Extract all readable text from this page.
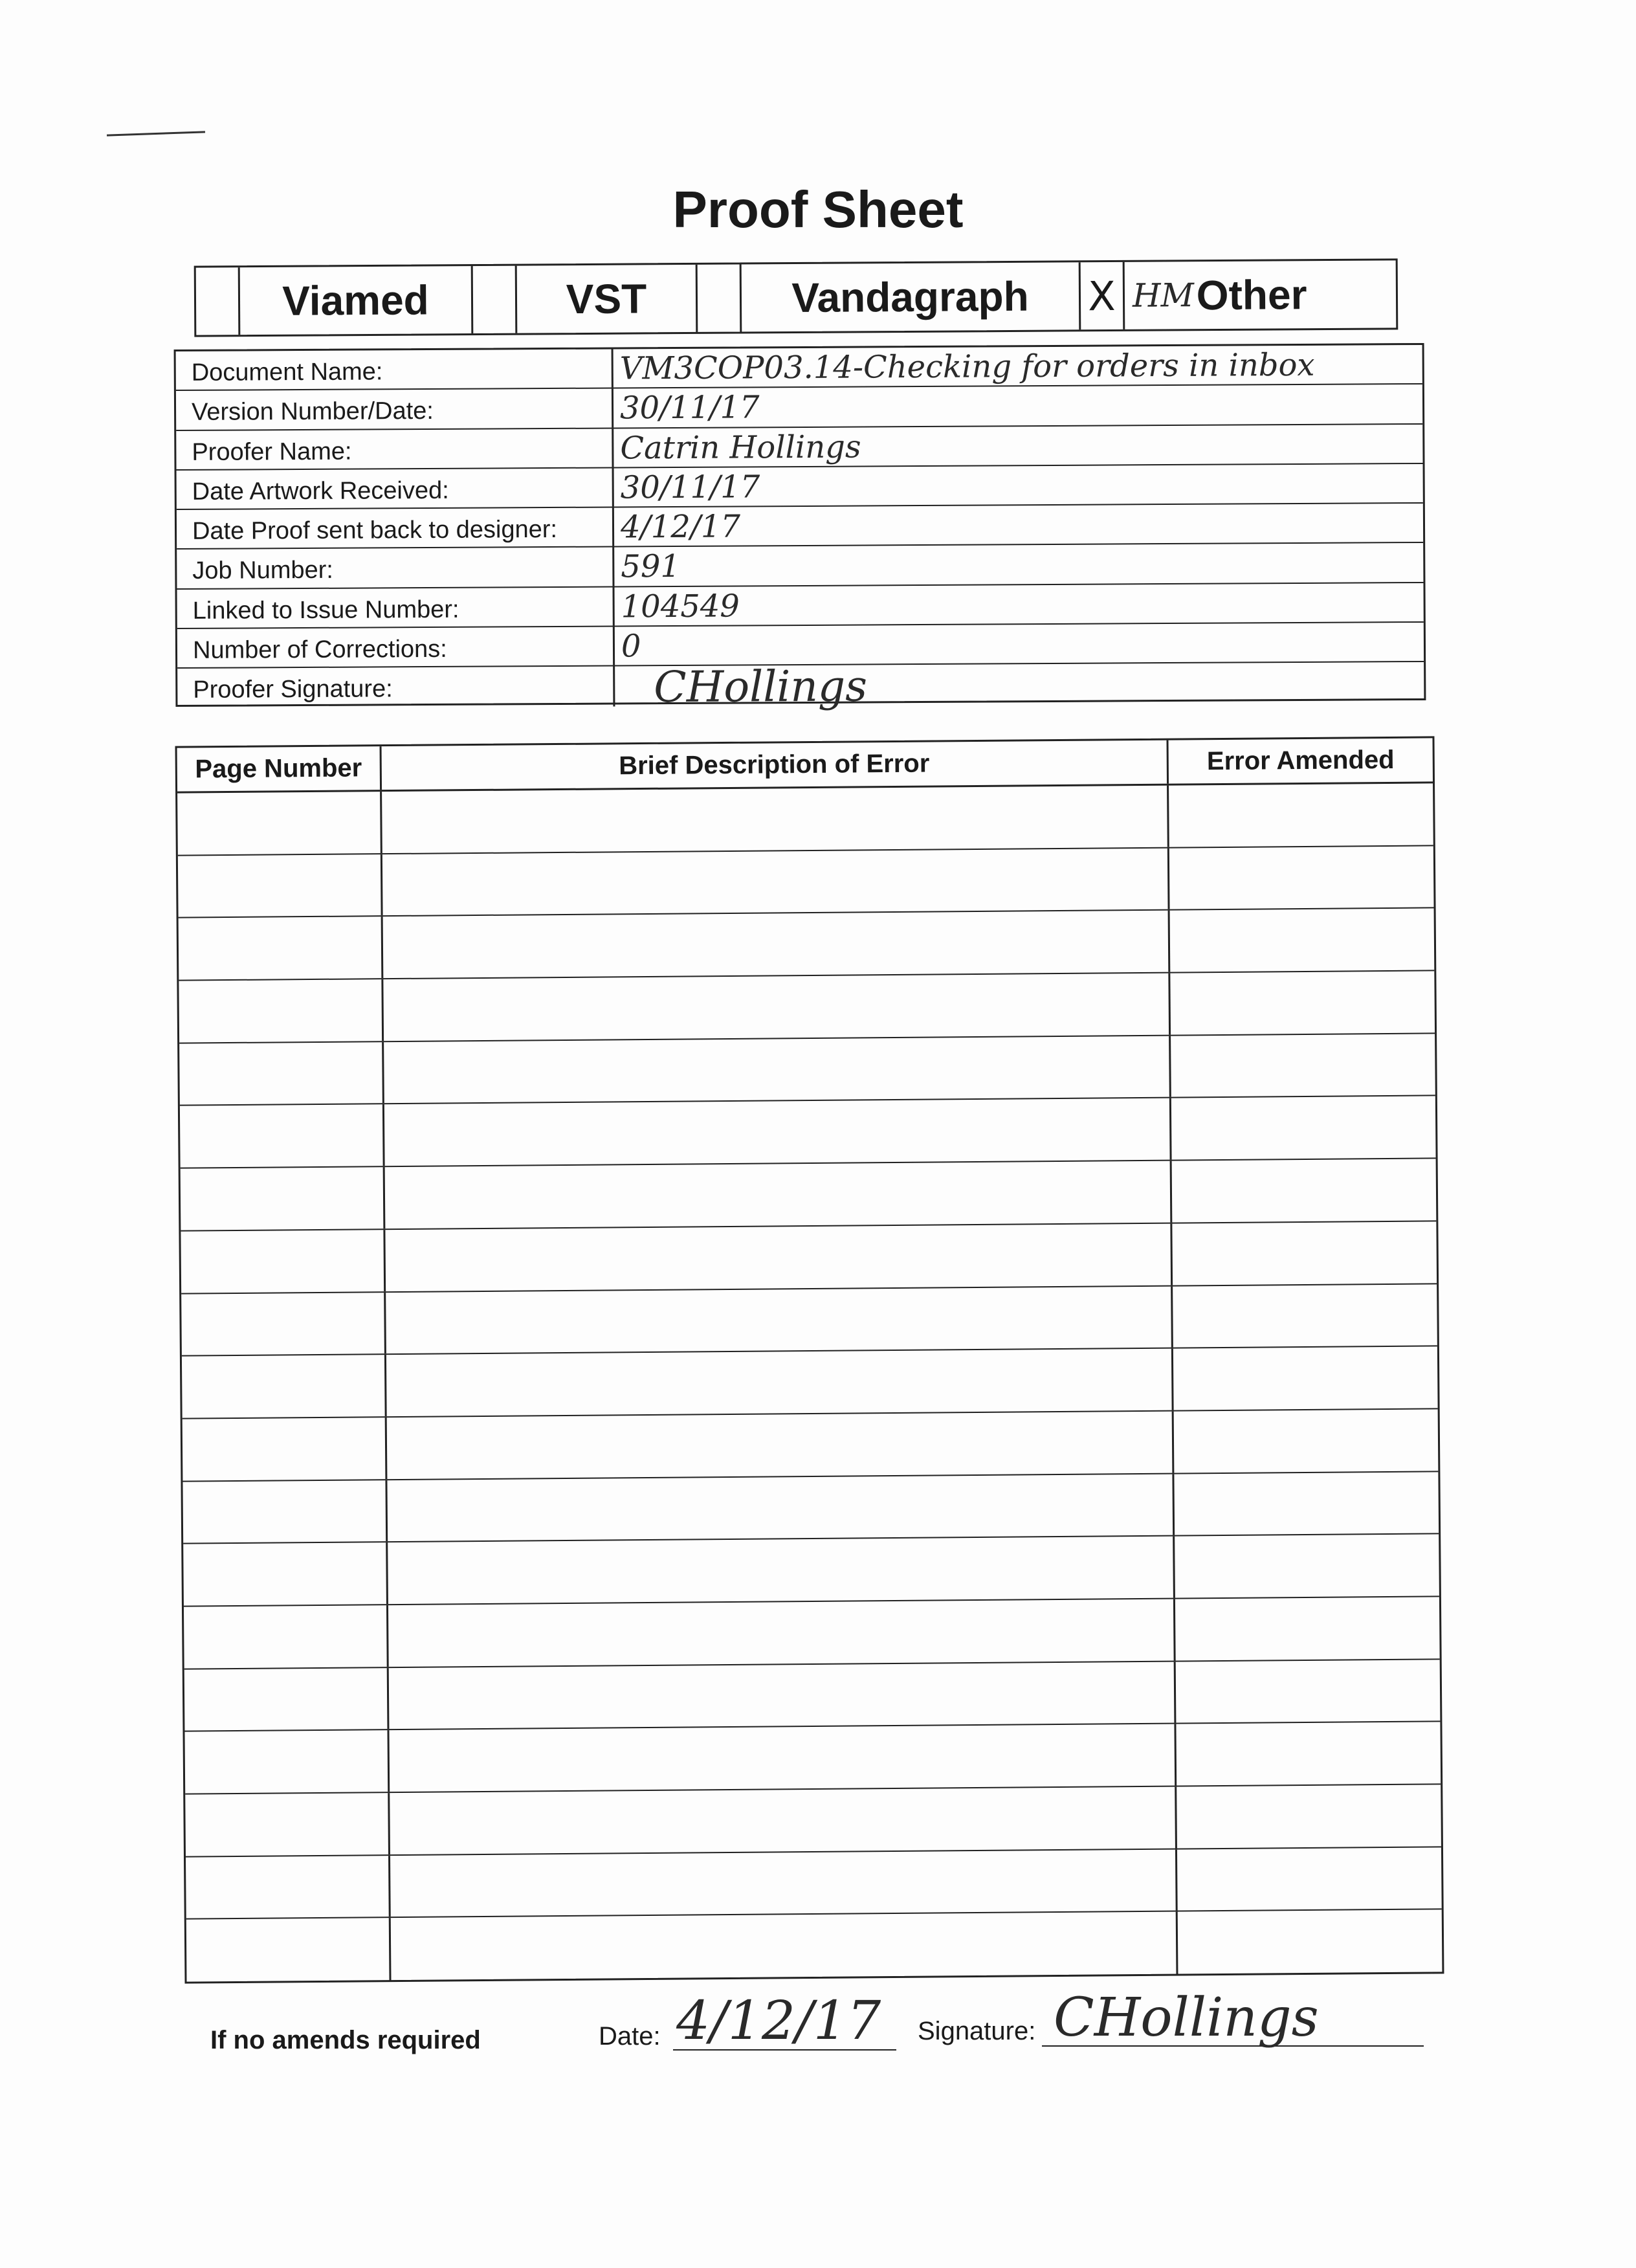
Proof Sheet
Viamed	VST	Vandagraph	X HM Other
Document Name:	VM3COP03.14-Checking for orders in inbox
Version Number/Date:	30/11/17
Proofer Name:	Catrin Hollings
Date Artwork Received:	30/11/17
Date Proof sent back to designer:	4/12/17
Job Number:	591
Linked to Issue Number:	104549
Number of Corrections:	0
Proofer Signature:	CHollings
Page Number	Brief Description of Error	Error Amended
If no amends required	Date: 4/12/17 Signature: CHollings
